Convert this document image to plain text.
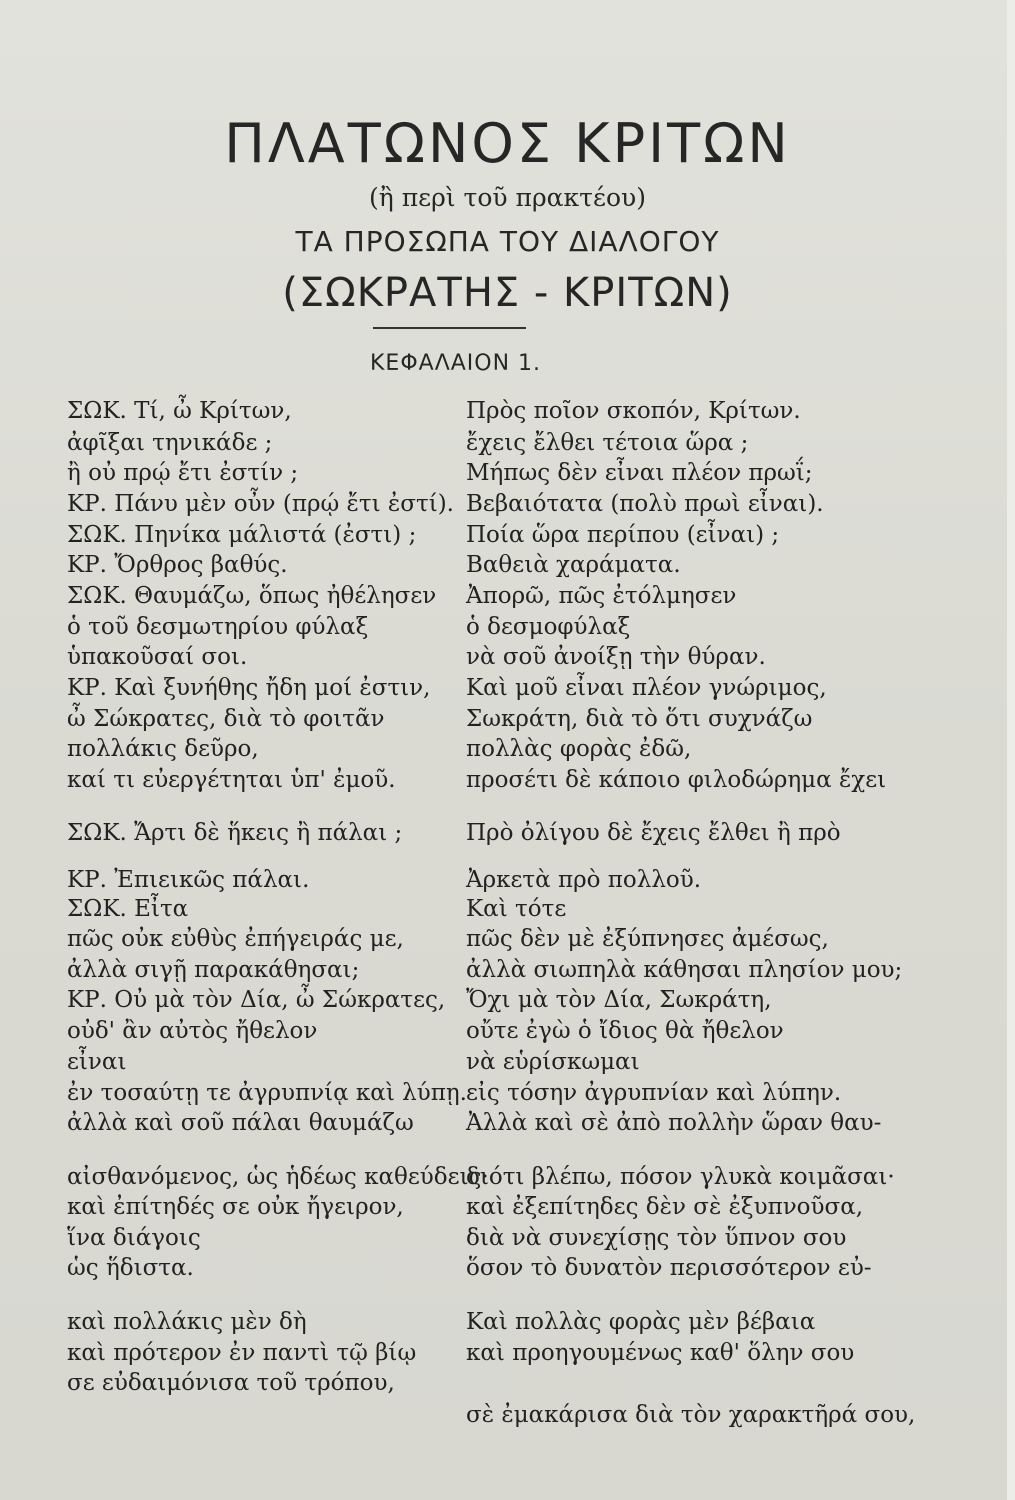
ΠΛΑΤΩΝΟΣ ΚΡΙΤΩΝ
(ἢ περὶ τοῦ πρακτέου)
ΤΑ ΠΡΟΣΩΠΑ ΤΟΥ ΔΙΑΛΟΓΟΥ
(ΣΩΚΡΑΤΗΣ - ΚΡΙΤΩΝ)
ΚΕΦΑΛΑΙΟΝ 1.
ΣΩΚ. Τί, ὦ Κρίτων,
ἀφῖξαι τηνικάδε ;
ἢ οὐ πρῴ ἔτι ἐστίν ;
ΚΡ. Πάνυ μὲν οὖν (πρῴ ἔτι ἐστί).
ΣΩΚ. Πηνίκα μάλιστά (ἐστι) ;
ΚΡ. Ὄρθρος βαθύς.
ΣΩΚ. Θαυμάζω, ὅπως ἠθέλησεν
ὁ τοῦ δεσμωτηρίου φύλαξ
ὑπακοῦσαί σοι.
ΚΡ. Καὶ ξυνήθης ἤδη μοί ἐστιν,
ὦ Σώκρατες, διὰ τὸ φοιτᾶν
πολλάκις δεῦρο,
καί τι εὐεργέτηται ὑπ' ἐμοῦ.
ΣΩΚ. Ἄρτι δὲ ἥκεις ἢ πάλαι ;
ΚΡ. Ἐπιεικῶς πάλαι.
ΣΩΚ. Εἶτα
πῶς οὐκ εὐθὺς ἐπήγειράς με,
ἀλλὰ σιγῇ παρακάθησαι;
ΚΡ. Οὐ μὰ τὸν Δία, ὦ Σώκρατες,
οὐδ' ἂν αὐτὸς ἤθελον
εἶναι
ἐν τοσαύτῃ τε ἀγρυπνίᾳ καὶ λύπῃ.
ἀλλὰ καὶ σοῦ πάλαι θαυμάζω
αἰσθανόμενος, ὡς ἡδέως καθεύδεις·
καὶ ἐπίτηδές σε οὐκ ἤγειρον,
ἵνα διάγοις
ὡς ἥδιστα.
καὶ πολλάκις μὲν δὴ
καὶ πρότερον ἐν παντὶ τῷ βίῳ
σε εὐδαιμόνισα τοῦ τρόπου,
Πρὸς ποῖον σκοπόν, Κρίτων.
ἔχεις ἔλθει τέτοια ὥρα ;
Μήπως δὲν εἶναι πλέον πρωΐ;
Βεβαιότατα (πολὺ πρωὶ εἶναι).
Ποία ὥρα περίπου (εἶναι) ;
Βαθειὰ χαράματα.
Ἀπορῶ, πῶς ἐτόλμησεν
ὁ δεσμοφύλαξ
νὰ σοῦ ἀνοίξῃ τὴν θύραν.
Καὶ μοῦ εἶναι πλέον γνώριμος,
Σωκράτη, διὰ τὸ ὅτι συχνάζω
πολλὰς φορὰς ἐδῶ,
προσέτι δὲ κάποιο φιλοδώρημα ἔχει
Πρὸ ὀλίγου δὲ ἔχεις ἔλθει ἢ πρὸ
Ἀρκετὰ πρὸ πολλοῦ.
Καὶ τότε
πῶς δὲν μὲ ἐξύπνησες ἀμέσως,
ἀλλὰ σιωπηλὰ κάθησαι πλησίον μου;
Ὄχι μὰ τὸν Δία, Σωκράτη,
οὔτε ἐγὼ ὁ ἴδιος θὰ ἤθελον
νὰ εὑρίσκωμαι
εἰς τόσην ἀγρυπνίαν καὶ λύπην.
Ἀλλὰ καὶ σὲ ἀπὸ πολλὴν ὥραν θαυ-
διότι βλέπω, πόσον γλυκὰ κοιμᾶσαι·
καὶ ἐξεπίτηδες δὲν σὲ ἐξυπνοῦσα,
διὰ νὰ συνεχίσῃς τὸν ὕπνον σου
ὅσον τὸ δυνατὸν περισσότερον εὐ-
Καὶ πολλὰς φορὰς μὲν βέβαια
καὶ προηγουμένως καθ' ὅλην σου
σὲ ἐμακάρισα διὰ τὸν χαρακτῆρά σου,
